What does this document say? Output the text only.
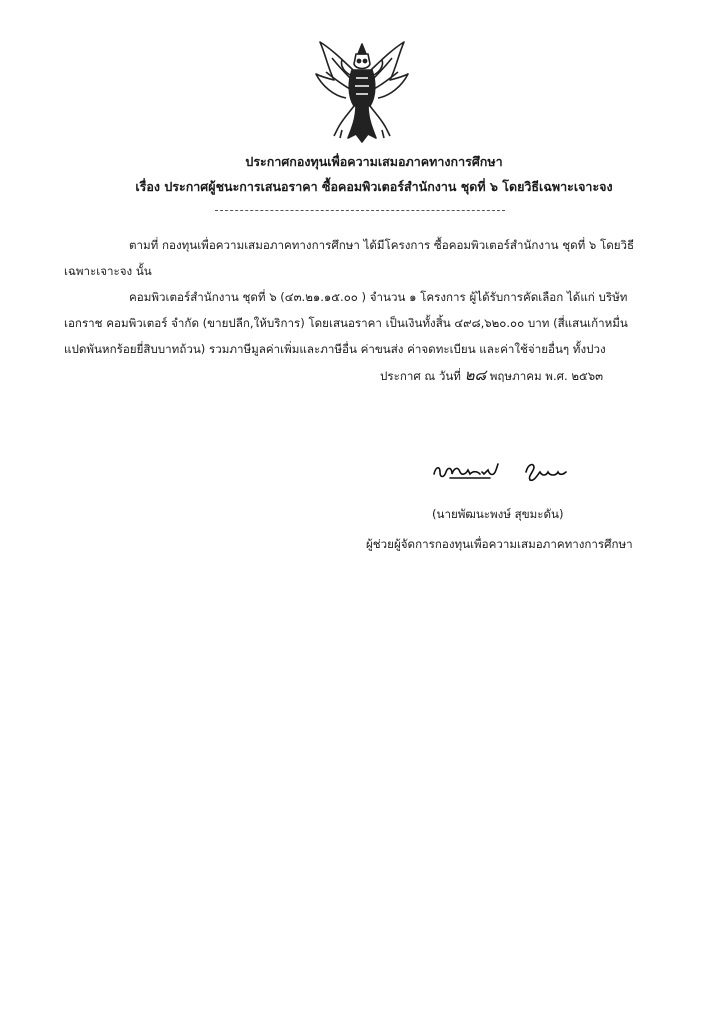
ประกาศกองทุนเพื่อความเสมอภาคทางการศึกษา
เรื่อง ประกาศผู้ชนะการเสนอราคา ซื้อคอมพิวเตอร์สำนักงาน ชุดที่ ๖ โดยวิธีเฉพาะเจาะจง
ตามที่ กองทุนเพื่อความเสมอภาคทางการศึกษา ได้มีโครงการ ซื้อคอมพิวเตอร์สำนักงาน ชุดที่ ๖ โดยวิธี
เฉพาะเจาะจง นั้น
คอมพิวเตอร์สำนักงาน ชุดที่ ๖ (๔๓.๒๑.๑๕.๐๐ ) จำนวน ๑ โครงการ ผู้ได้รับการคัดเลือก ได้แก่ บริษัท
เอกราช คอมพิวเตอร์ จำกัด (ขายปลีก,ให้บริการ) โดยเสนอราคา เป็นเงินทั้งสิ้น ๔๙๘,๖๒๐.๐๐ บาท (สี่แสนเก้าหมื่น
แปดพันหกร้อยยี่สิบบาทถ้วน) รวมภาษีมูลค่าเพิ่มและภาษีอื่น ค่าขนส่ง ค่าจดทะเบียน และค่าใช้จ่ายอื่นๆ ทั้งปวง
ประกาศ ณ วันที่ ๒๘ พฤษภาคม พ.ศ. ๒๕๖๓
(นายพัฒนะพงษ์ สุขมะดัน)
ผู้ช่วยผู้จัดการกองทุนเพื่อความเสมอภาคทางการศึกษา
